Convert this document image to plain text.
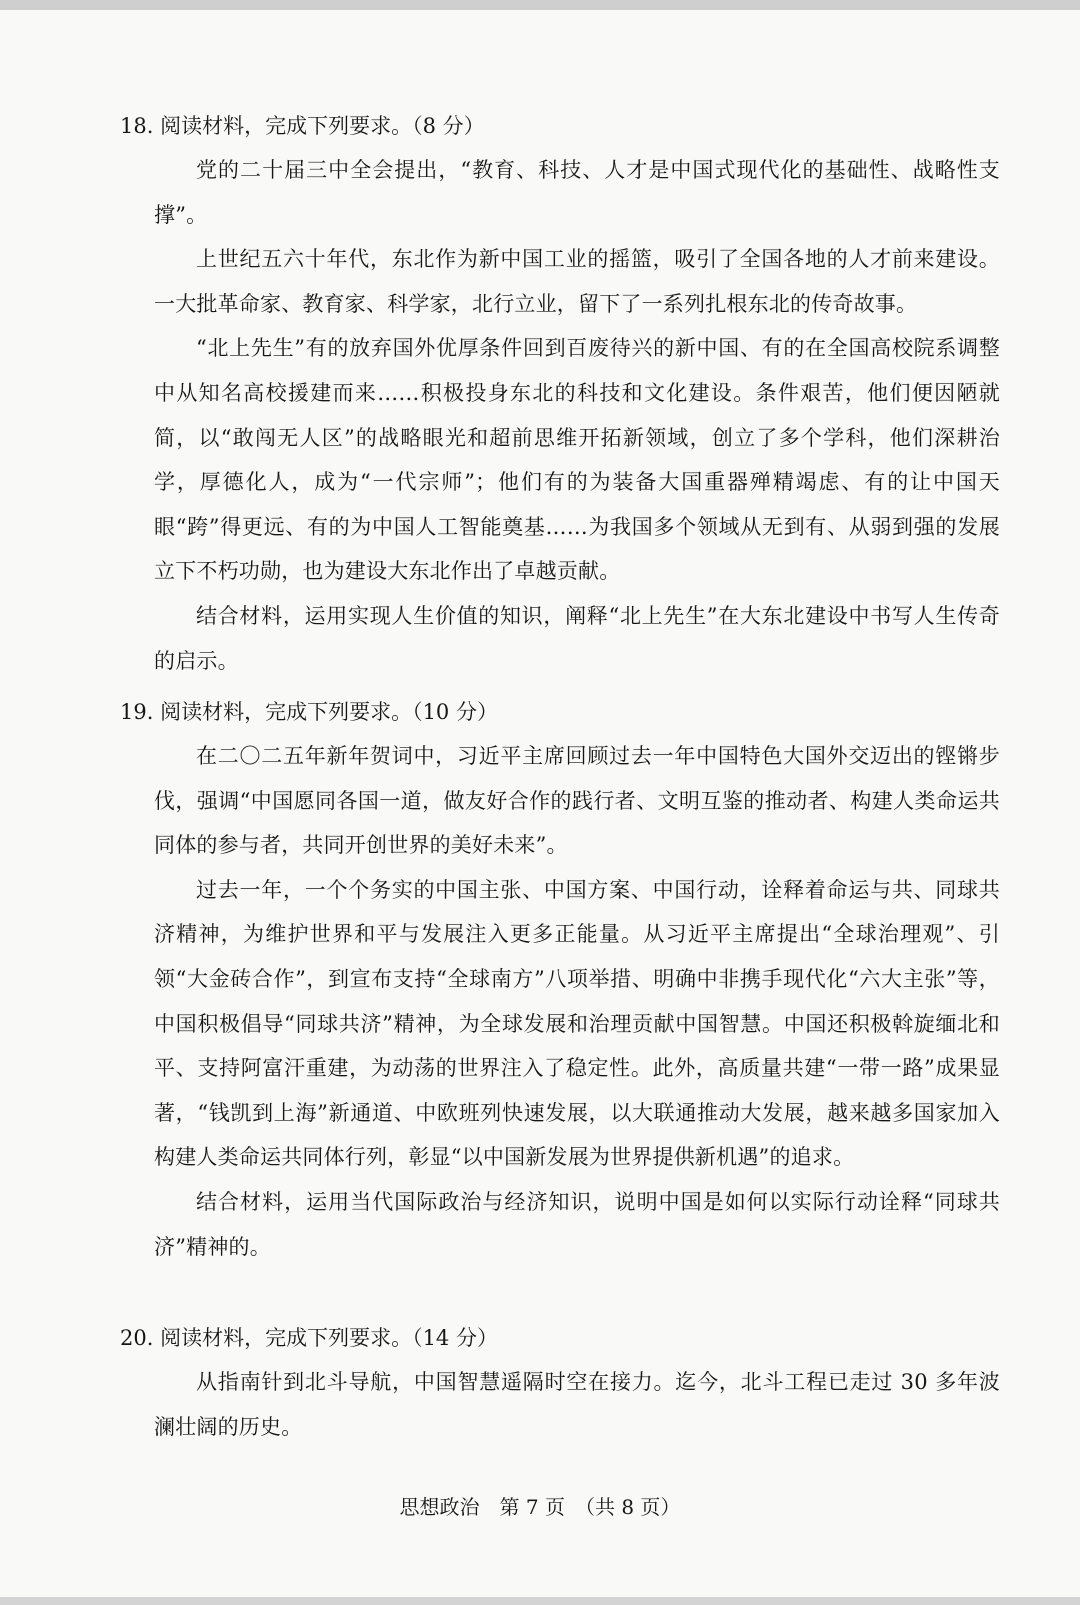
18. 阅读材料，完成下列要求。（8 分）

党的二十届三中全会提出，“教育、科技、人才是中国式现代化的基础性、战略性支撑”。

上世纪五六十年代，东北作为新中国工业的摇篮，吸引了全国各地的人才前来建设。一大批革命家、教育家、科学家，北行立业，留下了一系列扎根东北的传奇故事。

“北上先生”有的放弃国外优厚条件回到百废待兴的新中国、有的在全国高校院系调整中从知名高校援建而来……积极投身东北的科技和文化建设。条件艰苦，他们便因陋就简，以“敢闯无人区”的战略眼光和超前思维开拓新领域，创立了多个学科，他们深耕治学，厚德化人，成为“一代宗师”；他们有的为装备大国重器殚精竭虑、有的让中国天眼“跨”得更远、有的为中国人工智能奠基……为我国多个领域从无到有、从弱到强的发展立下不朽功勋，也为建设大东北作出了卓越贡献。

结合材料，运用实现人生价值的知识，阐释“北上先生”在大东北建设中书写人生传奇的启示。

19. 阅读材料，完成下列要求。（10 分）

在二〇二五年新年贺词中，习近平主席回顾过去一年中国特色大国外交迈出的铿锵步伐，强调“中国愿同各国一道，做友好合作的践行者、文明互鉴的推动者、构建人类命运共同体的参与者，共同开创世界的美好未来”。

过去一年，一个个务实的中国主张、中国方案、中国行动，诠释着命运与共、同球共济精神，为维护世界和平与发展注入更多正能量。从习近平主席提出“全球治理观”、引领“大金砖合作”，到宣布支持“全球南方”八项举措、明确中非携手现代化“六大主张”等，中国积极倡导“同球共济”精神，为全球发展和治理贡献中国智慧。中国还积极斡旋缅北和平、支持阿富汗重建，为动荡的世界注入了稳定性。此外，高质量共建“一带一路”成果显著，“钱凯到上海”新通道、中欧班列快速发展，以大联通推动大发展，越来越多国家加入构建人类命运共同体行列，彰显“以中国新发展为世界提供新机遇”的追求。

结合材料，运用当代国际政治与经济知识，说明中国是如何以实际行动诠释“同球共济”精神的。

20. 阅读材料，完成下列要求。（14 分）

从指南针到北斗导航，中国智慧遥隔时空在接力。迄今，北斗工程已走过 30 多年波澜壮阔的历史。

思想政治　第 7 页　（共 8 页）
